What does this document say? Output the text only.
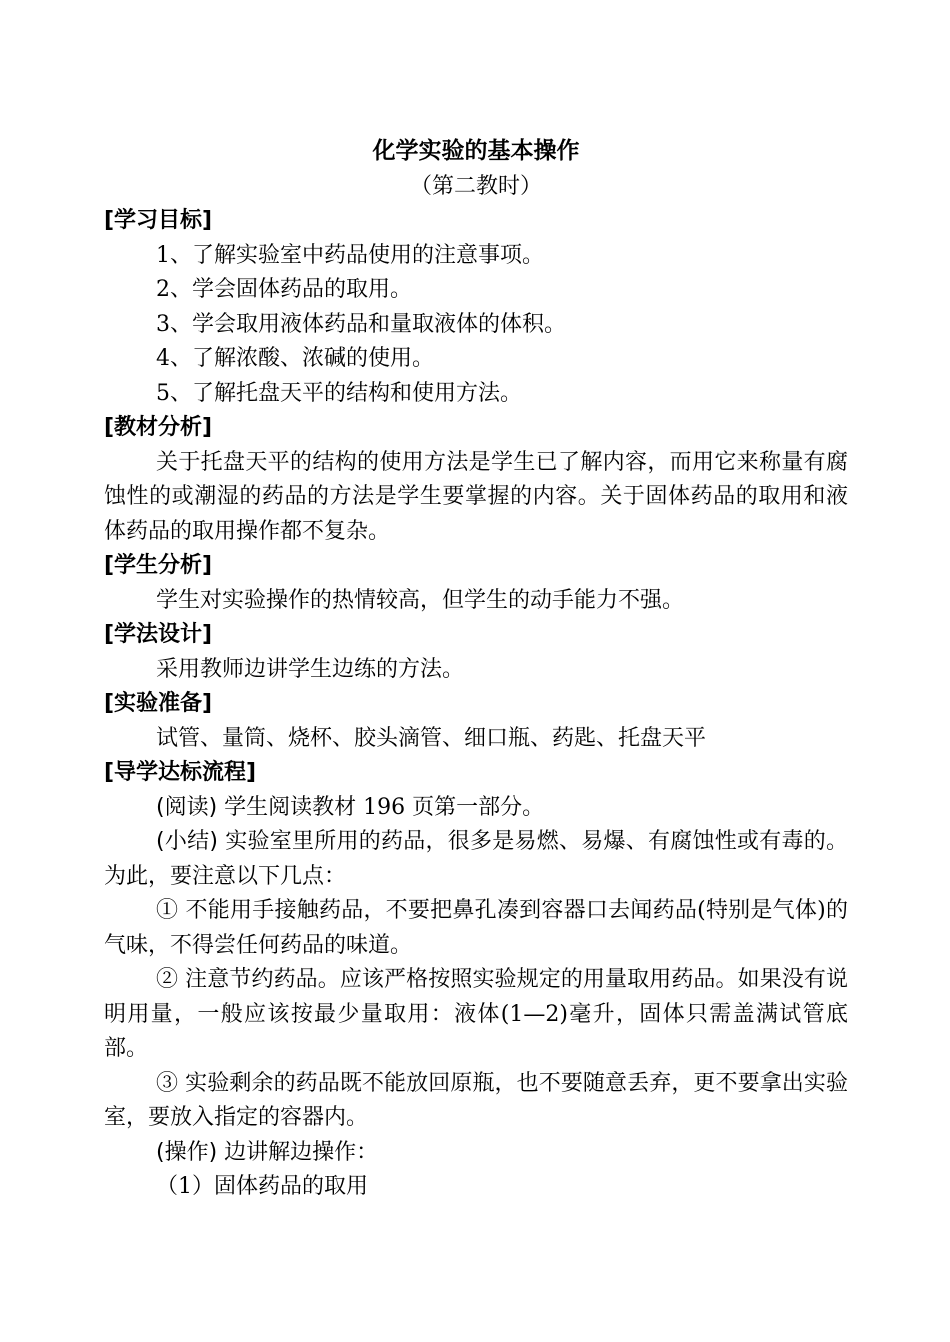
化学实验的基本操作

（第二教时）

[学习目标]

1、了解实验室中药品使用的注意事项。

2、学会固体药品的取用。

3、学会取用液体药品和量取液体的体积。

4、了解浓酸、浓碱的使用。

5、了解托盘天平的结构和使用方法。

[教材分析]

关于托盘天平的结构的使用方法是学生已了解内容，而用它来称量有腐蚀性的或潮湿的药品的方法是学生要掌握的内容。关于固体药品的取用和液体药品的取用操作都不复杂。

[学生分析]

学生对实验操作的热情较高，但学生的动手能力不强。

[学法设计]

采用教师边讲学生边练的方法。

[实验准备]

试管、量筒、烧杯、胶头滴管、细口瓶、药匙、托盘天平

[导学达标流程]

(阅读) 学生阅读教材 196 页第一部分。

(小结) 实验室里所用的药品，很多是易燃、易爆、有腐蚀性或有毒的。为此，要注意以下几点：

① 不能用手接触药品，不要把鼻孔凑到容器口去闻药品(特别是气体)的气味，不得尝任何药品的味道。

② 注意节约药品。应该严格按照实验规定的用量取用药品。如果没有说明用量，一般应该按最少量取用：液体(1—2)毫升，固体只需盖满试管底部。

③ 实验剩余的药品既不能放回原瓶，也不要随意丢弃，更不要拿出实验室，要放入指定的容器内。

(操作) 边讲解边操作：

（1）固体药品的取用
